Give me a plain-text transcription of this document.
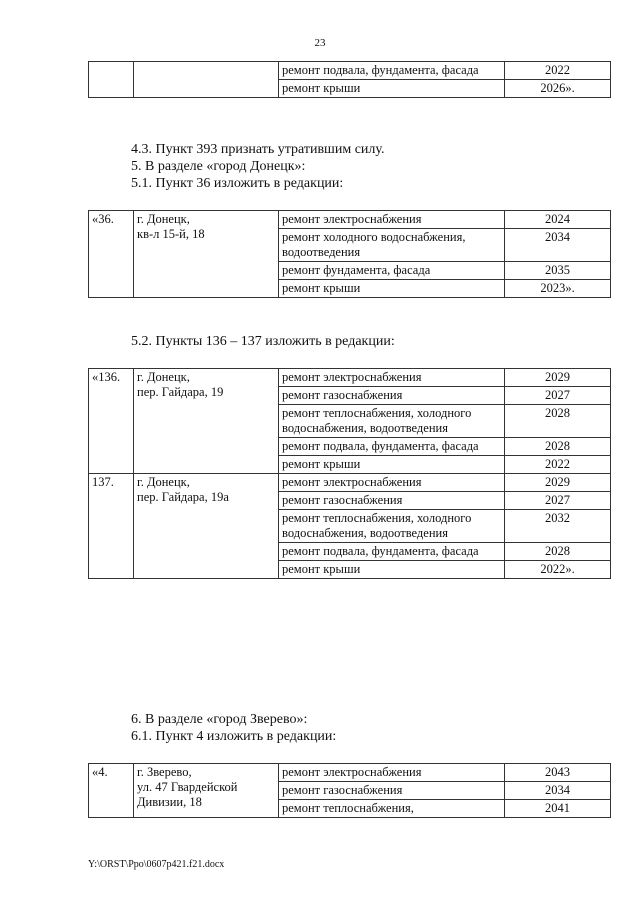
23
		ремонт подвала, фундамента, фасада	2022
		ремонт крыши	2026».
4.3. Пункт 393 признать утратившим силу.
5. В разделе «город Донецк»:
5.1. Пункт 36 изложить в редакции:
«36.	г. Донецк,
кв-л 15-й, 18	ремонт электроснабжения	2024
		ремонт холодного водоснабжения, водоотведения	2034
		ремонт фундамента, фасада	2035
		ремонт крыши	2023».
5.2. Пункты 136 – 137 изложить в редакции:
«136.	г. Донецк,
пер. Гайдара, 19	ремонт электроснабжения	2029
		ремонт газоснабжения	2027
		ремонт теплоснабжения, холодного водоснабжения, водоотведения	2028
		ремонт подвала, фундамента, фасада	2028
		ремонт крыши	2022
137.	г. Донецк,
пер. Гайдара, 19а	ремонт электроснабжения	2029
		ремонт газоснабжения	2027
		ремонт теплоснабжения, холодного водоснабжения, водоотведения	2032
		ремонт подвала, фундамента, фасада	2028
		ремонт крыши	2022».
6. В разделе «город Зверево»:
6.1. Пункт 4 изложить в редакции:
«4.	г. Зверево,
ул. 47 Гвардейской Дивизии, 18	ремонт электроснабжения	2043
		ремонт газоснабжения	2034
		ремонт теплоснабжения,	2041
Y:\ORST\Ppo\0607p421.f21.docx
